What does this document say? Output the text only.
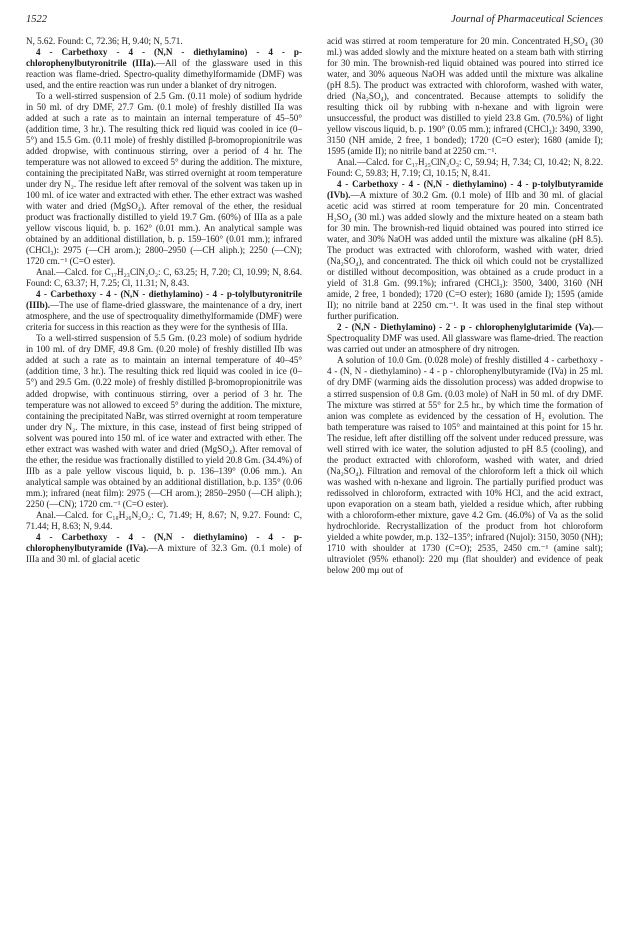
1522	Journal of Pharmaceutical Sciences

N, 5.62. Found: C, 72.36; H, 9.40; N, 5.71.

4 - Carbethoxy - 4 - (N,N - diethylamino) - 4 - p-chlorophenylbutyronitrile (IIIa).—All of the glassware used in this reaction was flame-dried. Spectro-quality dimethylformamide (DMF) was used, and the entire reaction was run under a blanket of dry nitrogen.

To a well-stirred suspension of 2.5 Gm. (0.11 mole) of sodium hydride in 50 ml. of dry DMF, 27.7 Gm. (0.1 mole) of freshly distilled IIa was added at such a rate as to maintain an internal temperature of 45–50° (addition time, 3 hr.). The resulting thick red liquid was cooled in ice (0–5°) and 15.5 Gm. (0.11 mole) of freshly distilled β-bromopropionitrile was added dropwise, with continuous stirring, over a period of 4 hr. The temperature was not allowed to exceed 5° during the addition. The mixture, containing the precipitated NaBr, was stirred overnight at room temperature under dry N₂. The residue left after removal of the solvent was taken up in 100 ml. of ice water and extracted with ether. The ether extract was washed with water and dried (MgSO₄). After removal of the ether, the residual product was fractionally distilled to yield 19.7 Gm. (60%) of IIIa as a pale yellow viscous liquid, b. p. 162° (0.01 mm.). An analytical sample was obtained by an additional distillation, b. p. 159–160° (0.01 mm.); infrared (CHCl₃): 2975 (—CH arom.); 2800–2950 (—CH aliph.); 2250 (—CN); 1720 cm.⁻¹ (C=O ester).

Anal.—Calcd. for C₁₇H₂₃ClN₂O₂: C, 63.25; H, 7.20; Cl, 10.99; N, 8.64. Found: C, 63.37; H, 7.25; Cl, 11.31; N, 8.43.

4 - Carbethoxy - 4 - (N,N - diethylamino) - 4 - p-tolylbutyronitrile (IIIb).—The use of flame-dried glassware, the maintenance of a dry, inert atmosphere, and the use of spectroquality dimethylformamide (DMF) were criteria for success in this reaction as they were for the synthesis of IIIa.

To a well-stirred suspension of 5.5 Gm. (0.23 mole) of sodium hydride in 100 ml. of dry DMF, 49.8 Gm. (0.20 mole) of freshly distilled IIb was added at such a rate as to maintain an internal temperature of 40–45° (addition time, 3 hr.). The resulting thick red liquid was cooled in ice (0–5°) and 29.5 Gm. (0.22 mole) of freshly distilled β-bromopropionitrile was added dropwise, with continuous stirring, over a period of 3 hr. The temperature was not allowed to exceed 5° during the addition. The mixture, containing the precipitated NaBr, was stirred overnight at room temperature under dry N₂. The mixture, in this case, instead of first being stripped of solvent was poured into 150 ml. of ice water and extracted with ether. The ether extract was washed with water and dried (MgSO₄). After removal of the ether, the residue was fractionally distilled to yield 20.8 Gm. (34.4%) of IIIb as a pale yellow viscous liquid, b. p. 136–139° (0.06 mm.). An analytical sample was obtained by an additional distillation, b.p. 135° (0.06 mm.); infrared (neat film): 2975 (—CH arom.); 2850–2950 (—CH aliph.); 2250 (—CN); 1720 cm.⁻¹ (C=O ester).

Anal.—Calcd. for C₁₈H₂₆N₂O₂: C, 71.49; H, 8.67; N, 9.27. Found: C, 71.44; H, 8.63; N, 9.44.

4 - Carbethoxy - 4 - (N,N - diethylamino) - 4 - p-chlorophenylbutyramide (IVa).—A mixture of 32.3 Gm. (0.1 mole) of IIIa and 30 ml. of glacial acetic

acid was stirred at room temperature for 20 min. Concentrated H₂SO₄ (30 ml.) was added slowly and the mixture heated on a steam bath with stirring for 30 min. The brownish-red liquid obtained was poured into stirred ice water, and 30% aqueous NaOH was added until the mixture was alkaline (pH 8.5). The product was extracted with chloroform, washed with water, dried (Na₂SO₄), and concentrated. Because attempts to solidify the resulting thick oil by rubbing with n-hexane and with ligroin were unsuccessful, the product was distilled to yield 23.8 Gm. (70.5%) of light yellow viscous liquid, b. p. 190° (0.05 mm.); infrared (CHCl₃): 3490, 3390, 3150 (NH amide, 2 free, 1 bonded); 1720 (C=O ester); 1680 (amide I); 1595 (amide II); no nitrile band at 2250 cm.⁻¹.

Anal.—Calcd. for C₁₇H₂₅ClN₂O₃: C, 59.94; H, 7.34; Cl, 10.42; N, 8.22. Found: C, 59.83; H, 7.19; Cl, 10.15; N, 8.41.

4 - Carbethoxy - 4 - (N,N - diethylamino) - 4 - p-tolylbutyramide (IVb).—A mixture of 30.2 Gm. (0.1 mole) of IIIb and 30 ml. of glacial acetic acid was stirred at room temperature for 20 min. Concentrated H₂SO₄ (30 ml.) was added slowly and the mixture heated on a steam bath for 30 min. The brownish-red liquid obtained was poured into stirred ice water, and 30% NaOH was added until the mixture was alkaline (pH 8.5). The product was extracted with chloroform, washed with water, dried (Na₂SO₄), and concentrated. The thick oil which could not be crystallized or distilled without decomposition, was obtained as a crude product in a yield of 31.8 Gm. (99.1%); infrared (CHCl₃): 3500, 3400, 3160 (NH amide, 2 free, 1 bonded); 1720 (C=O ester); 1680 (amide I); 1595 (amide II); no nitrile band at 2250 cm.⁻¹. It was used in the final step without further purification.

2 - (N,N - Diethylamino) - 2 - p - chlorophenylglutarimide (Va).—Spectroquality DMF was used. All glassware was flame-dried. The reaction was carried out under an atmosphere of dry nitrogen.

A solution of 10.0 Gm. (0.028 mole) of freshly distilled 4 - carbethoxy - 4 - (N, N - diethylamino) - 4 - p - chlorophenylbutyramide (IVa) in 25 ml. of dry DMF (warming aids the dissolution process) was added dropwise to a stirred suspension of 0.8 Gm. (0.03 mole) of NaH in 50 ml. of dry DMF. The mixture was stirred at 55° for 2.5 hr., by which time the formation of anion was complete as evidenced by the cessation of H₂ evolution. The bath temperature was raised to 105° and maintained at this point for 15 hr. The residue, left after distilling off the solvent under reduced pressure, was well stirred with ice water, the solution adjusted to pH 8.5 (cooling), and the product extracted with chloroform, washed with water, and dried (Na₂SO₄). Filtration and removal of the chloroform left a thick oil which was washed with n-hexane and ligroin. The partially purified product was redissolved in chloroform, extracted with 10% HCl, and the acid extract, upon evaporation on a steam bath, yielded a residue which, after rubbing with a chloroform-ether mixture, gave 4.2 Gm. (46.0%) of Va as the solid hydrochloride. Recrystallization of the product from hot chloroform yielded a white powder, m.p. 132–135°; infrared (Nujol): 3150, 3050 (NH); 1710 with shoulder at 1730 (C=O); 2535, 2450 cm.⁻¹ (amine salt); ultraviolet (95% ethanol): 220 mμ (flat shoulder) and evidence of peak below 200 mμ out of
